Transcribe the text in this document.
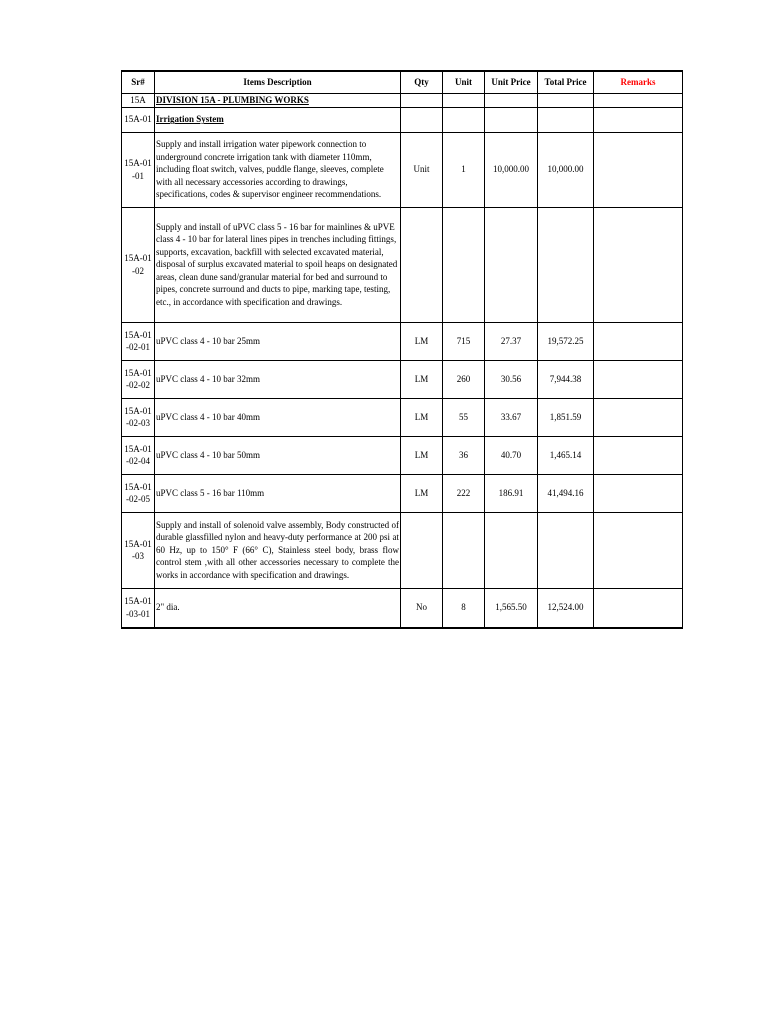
Sr#	Items Description	Qty	Unit	Unit Price	Total Price	Remarks
15A	DIVISION 15A - PLUMBING WORKS					
15A-01	Irrigation System					
15A-01-01	Supply and install irrigation water pipework connection to underground concrete irrigation tank with diameter 110mm, including float switch, valves, puddle flange, sleeves, complete with all necessary accessories according to drawings, specifications, codes & supervisor engineer recommendations.	Unit	1	10,000.00	10,000.00	
15A-01-02	Supply and install of uPVC class 5 - 16 bar for mainlines & uPVE class 4 - 10 bar for lateral lines pipes in trenches including fittings, supports, excavation, backfill with selected excavated material, disposal of surplus excavated material to spoil heaps on designated areas, clean dune sand/granular material for bed and surround to pipes, concrete surround and ducts to pipe, marking tape, testing, etc., in accordance with specification and drawings.					
15A-01-02-01	uPVC class 4 - 10 bar 25mm	LM	715	27.37	19,572.25	
15A-01-02-02	uPVC class 4 - 10 bar 32mm	LM	260	30.56	7,944.38	
15A-01-02-03	uPVC class 4 - 10 bar 40mm	LM	55	33.67	1,851.59	
15A-01-02-04	uPVC class 4 - 10 bar 50mm	LM	36	40.70	1,465.14	
15A-01-02-05	uPVC class 5 - 16 bar 110mm	LM	222	186.91	41,494.16	
15A-01-03	Supply and install of solenoid valve assembly, Body constructed of durable glassfilled nylon and heavy-duty performance at 200 psi at 60 Hz, up to 150° F (66° C), Stainless steel body, brass flow control stem ,with all other accessories necessary to complete the works in accordance with specification and drawings.					
15A-01-03-01	2" dia.	No	8	1,565.50	12,524.00	
